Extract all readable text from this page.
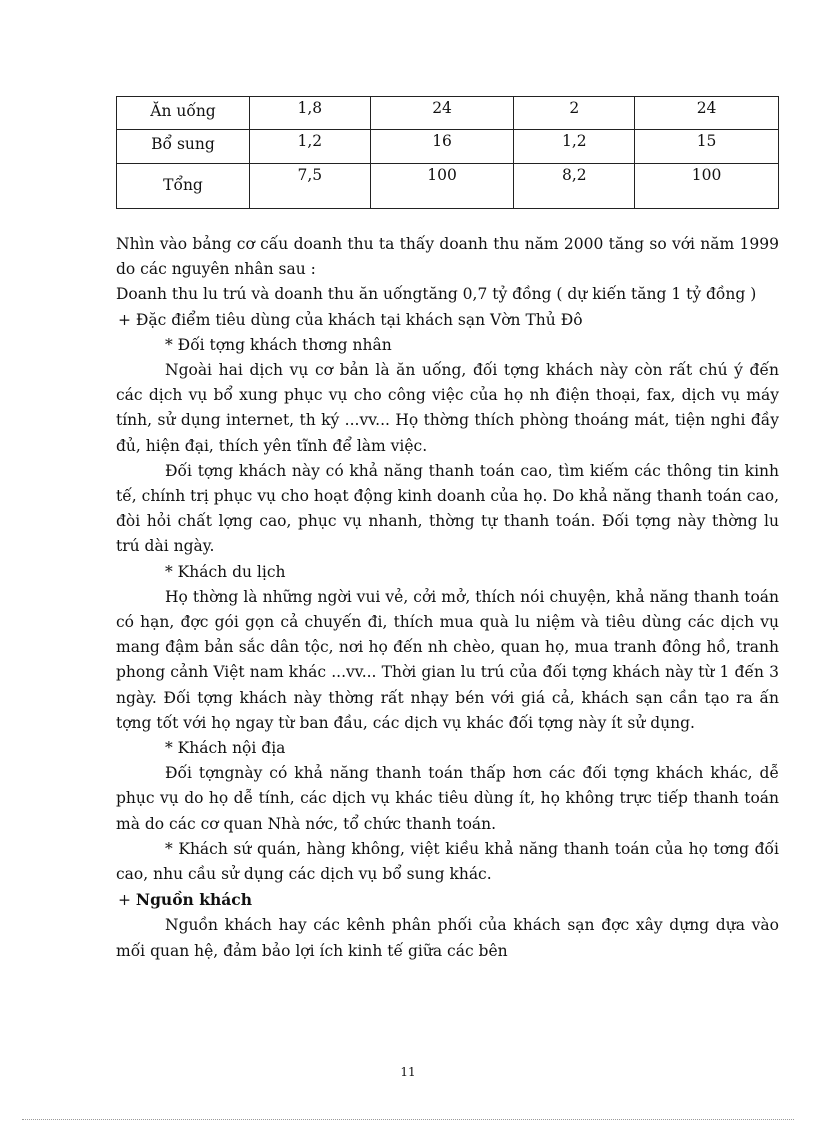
Ăn uống	1,8	24	2	24

Bổ sung	1,2	16	1,2	15

Tổng	7,5	100	8,2	100

Nhìn vào bảng cơ cấu doanh thu ta thấy doanh thu năm 2000 tăng so với năm 1999 do các nguyên nhân sau :

Doanh thu lu trú và doanh thu ăn uốngtăng 0,7 tỷ đồng ( dự kiến tăng 1 tỷ đồng )

+ Đặc điểm tiêu dùng của khách tại khách sạn Vờn Thủ Đô

* Đối tợng khách thơng nhân

Ngoài hai dịch vụ cơ bản là ăn uống, đối tợng khách này còn rất chú ý đến các dịch vụ bổ xung phục vụ cho công việc của họ nh điện thoại, fax, dịch vụ máy tính, sử dụng internet, th ký ...vv... Họ thờng thích phòng thoáng mát, tiện nghi đầy đủ, hiện đại, thích yên tĩnh để làm việc.

Đối tợng khách này có khả năng thanh toán cao, tìm kiếm các thông tin kinh tế, chính trị phục vụ cho hoạt động kinh doanh của họ. Do khả năng thanh toán cao, đòi hỏi chất lợng cao, phục vụ nhanh, thờng tự thanh toán. Đối tợng này thờng lu trú dài ngày.

* Khách du lịch

Họ thờng là những ngời vui vẻ, cởi mở, thích nói chuyện, khả năng thanh toán có hạn, đợc gói gọn cả chuyến đi, thích mua quà lu niệm và tiêu dùng các dịch vụ mang đậm bản sắc dân tộc, nơi họ đến nh chèo, quan họ, mua tranh đông hồ, tranh phong cảnh Việt nam khác ...vv... Thời gian lu trú của đối tợng khách này từ 1 đến 3 ngày. Đối tợng khách này thờng rất nhạy bén với giá cả, khách sạn cần tạo ra ấn tợng tốt với họ ngay từ ban đầu, các dịch vụ khác đối tợng này ít sử dụng.

* Khách nội địa

Đối tợngnày có khả năng thanh toán thấp hơn các đối tợng khách khác, dễ phục vụ do họ dễ tính, các dịch vụ khác tiêu dùng ít, họ không trực tiếp thanh toán mà do các cơ quan Nhà nớc, tổ chức thanh toán.

* Khách sứ quán, hàng không, việt kiều khả năng thanh toán của họ tơng đối cao, nhu cầu sử dụng các dịch vụ bổ sung khác.

+ Nguồn khách

Nguồn khách hay các kênh phân phối của khách sạn đợc xây dựng dựa vào mối quan hệ, đảm bảo lợi ích kinh tế giữa các bên

11
